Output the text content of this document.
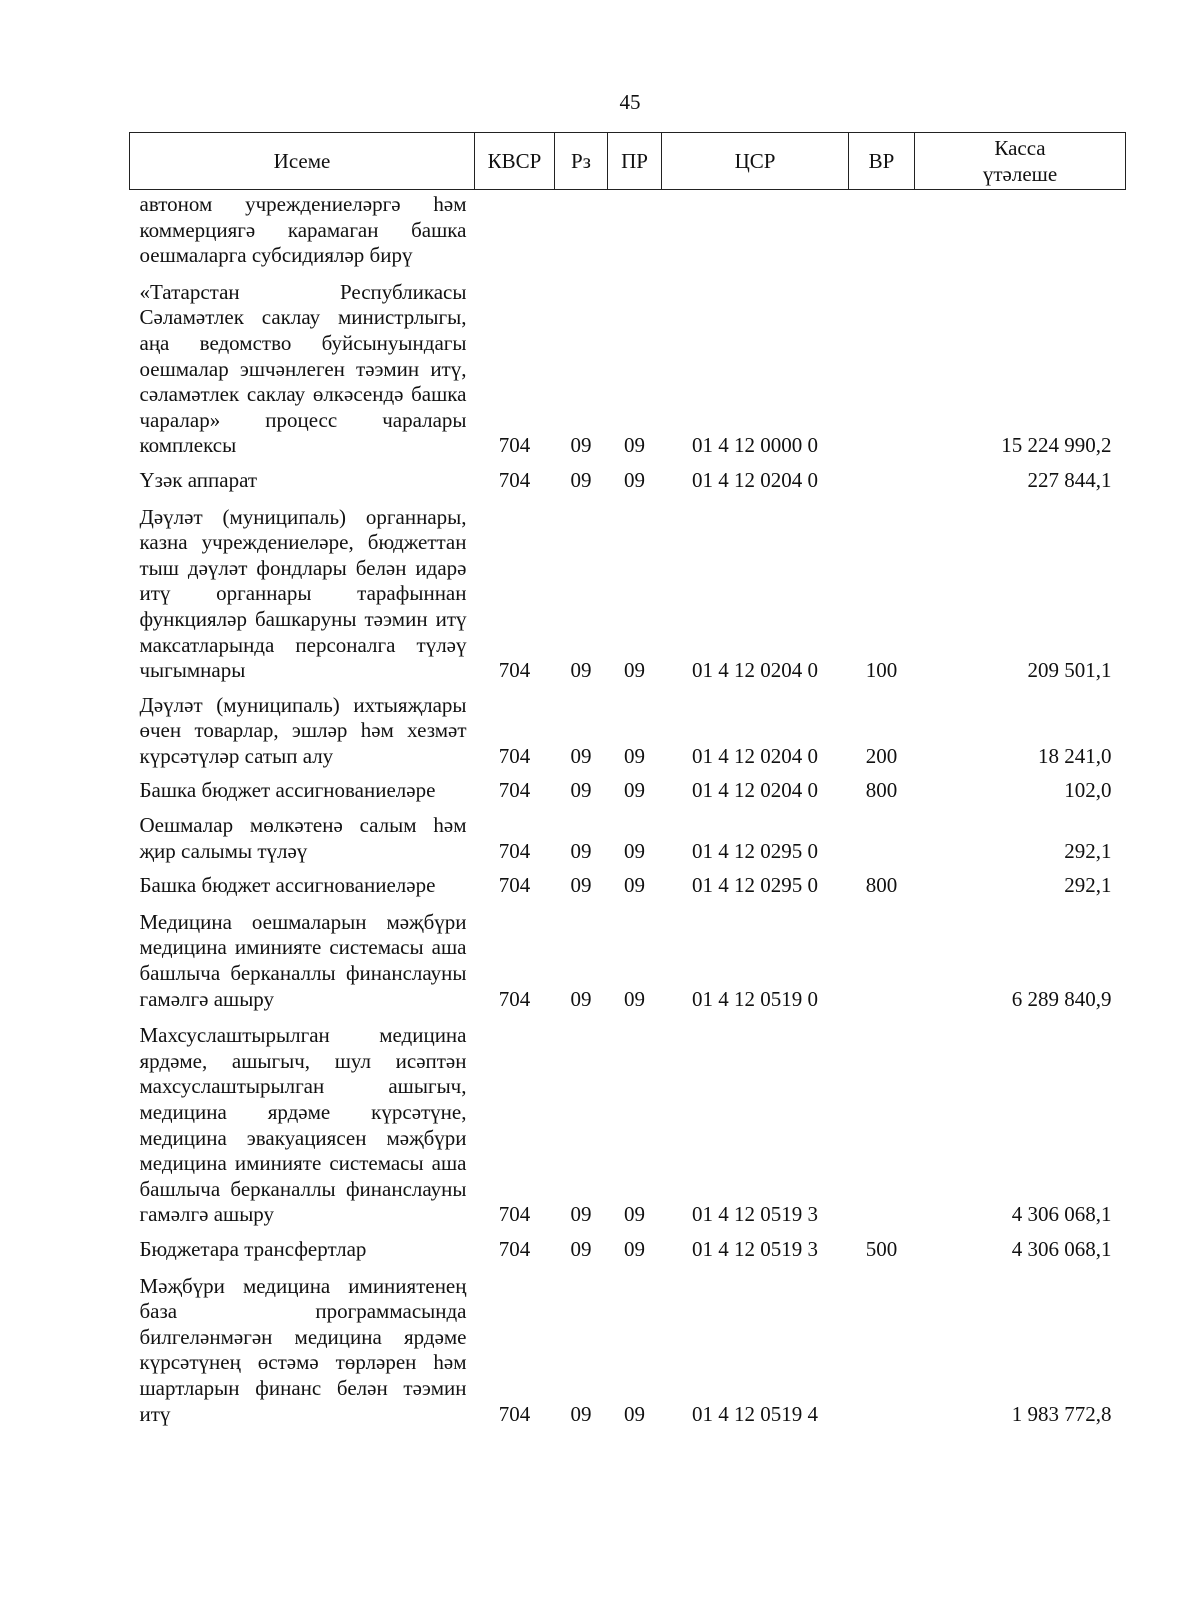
45
Исеме	КВСР	Рз	ПР	ЦСР	ВР	Касса
үтәлеше
автоном учреждениеләргә һәм коммерциягә карамаган башка оешмаларга субсидияләр бирү						
«Татарстан Республикасы Сәламәтлек саклау министрлыгы, аңа ведомство буйсынуындагы оешмалар эшчәнлеген тәэмин итү, сәламәтлек саклау өлкәсендә башка чаралар» процесс чаралары комплексы	704	09	09	01 4 12 0000 0		15 224 990,2
Үзәк аппарат	704	09	09	01 4 12 0204 0		227 844,1
Дәүләт (муниципаль) органнары, казна учреждениеләре, бюджеттан тыш дәүләт фондлары белән идарә итү органнары тарафыннан функцияләр башкаруны тәэмин итү максатларында персоналга түләү чыгымнары	704	09	09	01 4 12 0204 0	100	209 501,1
Дәүләт (муниципаль) ихтыяҗлары өчен товарлар, эшләр һәм хезмәт күрсәтүләр сатып алу	704	09	09	01 4 12 0204 0	200	18 241,0
Башка бюджет ассигнованиеләре	704	09	09	01 4 12 0204 0	800	102,0
Оешмалар мөлкәтенә салым һәм җир салымы түләү	704	09	09	01 4 12 0295 0		292,1
Башка бюджет ассигнованиеләре	704	09	09	01 4 12 0295 0	800	292,1
Медицина оешмаларын мәҗбүри медицина иминияте системасы аша башлыча берканаллы финанслауны гамәлгә ашыру	704	09	09	01 4 12 0519 0		6 289 840,9
Махсуслаштырылган медицина ярдәме, ашыгыч, шул исәптән махсуслаштырылган ашыгыч, медицина ярдәме күрсәтүне, медицина эвакуациясен мәҗбүри медицина иминияте системасы аша башлыча берканаллы финанслауны гамәлгә ашыру	704	09	09	01 4 12 0519 3		4 306 068,1
Бюджетара трансфертлар	704	09	09	01 4 12 0519 3	500	4 306 068,1
Мәҗбүри медицина иминиятенең база программасында билгеләнмәгән медицина ярдәме күрсәтүнең өстәмә төрләрен һәм шартларын финанс белән тәэмин итү	704	09	09	01 4 12 0519 4		1 983 772,8
